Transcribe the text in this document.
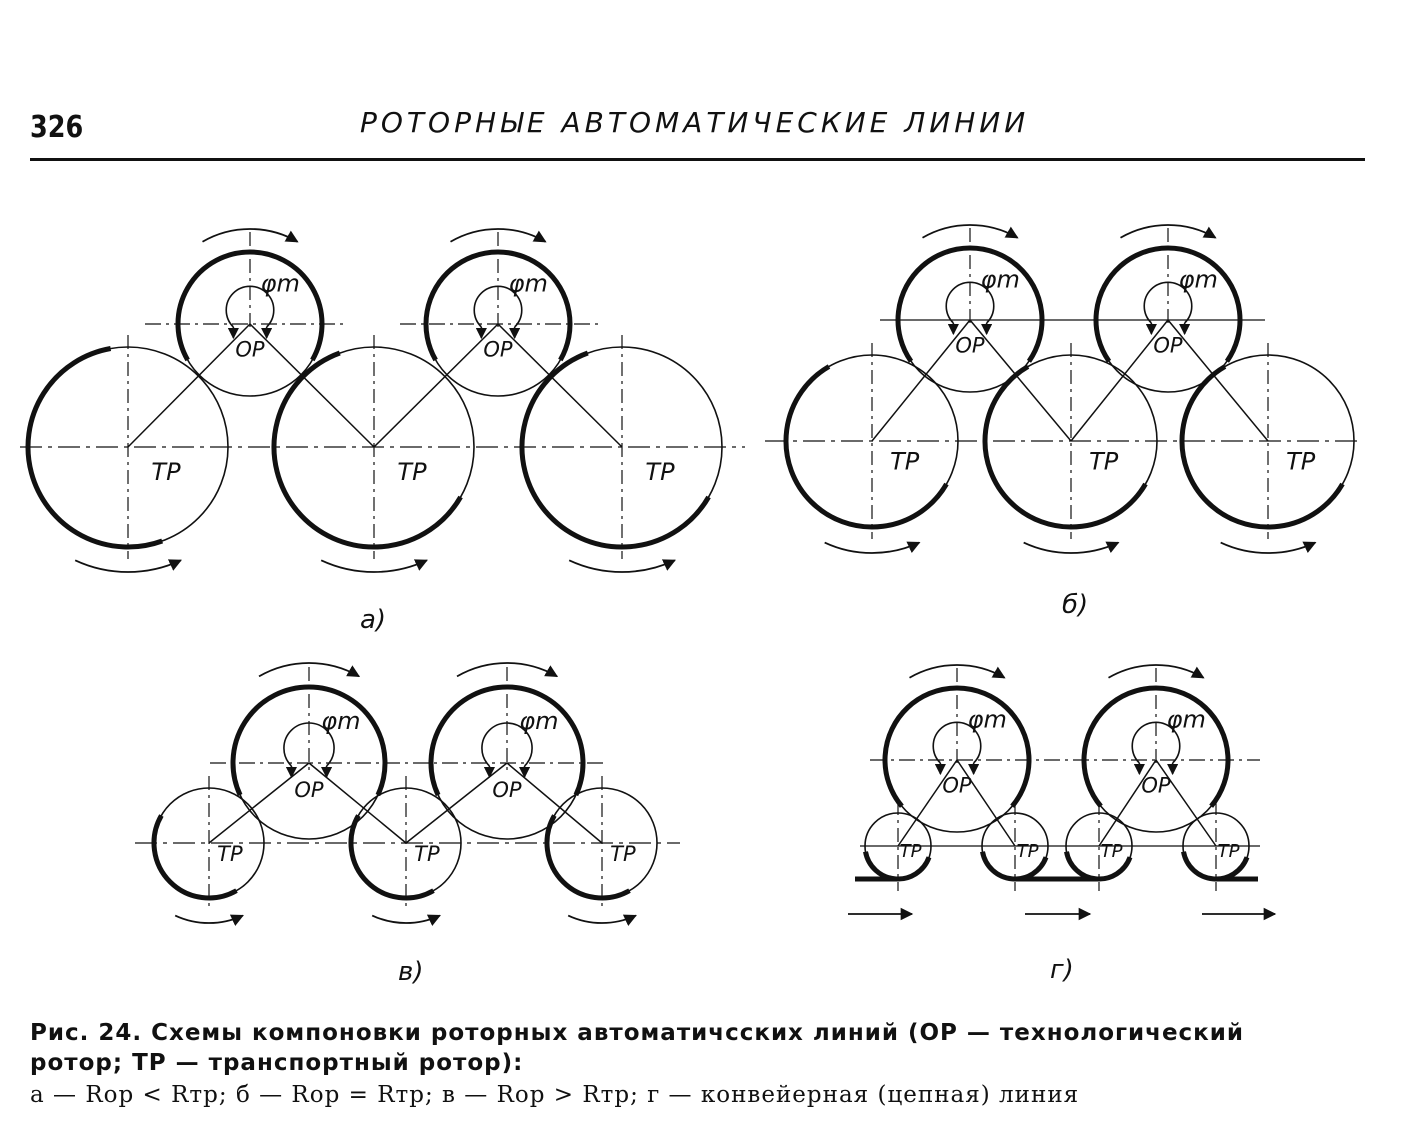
326	РОТОРНЫЕ АВТОМАТИЧЕСКИЕ ЛИНИИ
ТР	ТР	ТР
φm
ОР
φm
ОР
ТР	ТР	ТР
φm
ОР
φm
ОР
ТР	ТР	ТР
φm
ОР
φm
ОР
ТР	ТР	ТР	ТР
φm
ОР
φm
ОР
а)	б)
в)	г)
Рис. 24. Схемы компоновки роторных автоматичсских линий (ОР — технологический
ротор; ТР — транспортный ротор):
а — Rор < Rтр; б — Rор = Rтр; в — Rор > Rтр; г — конвейерная (цепная) линия
